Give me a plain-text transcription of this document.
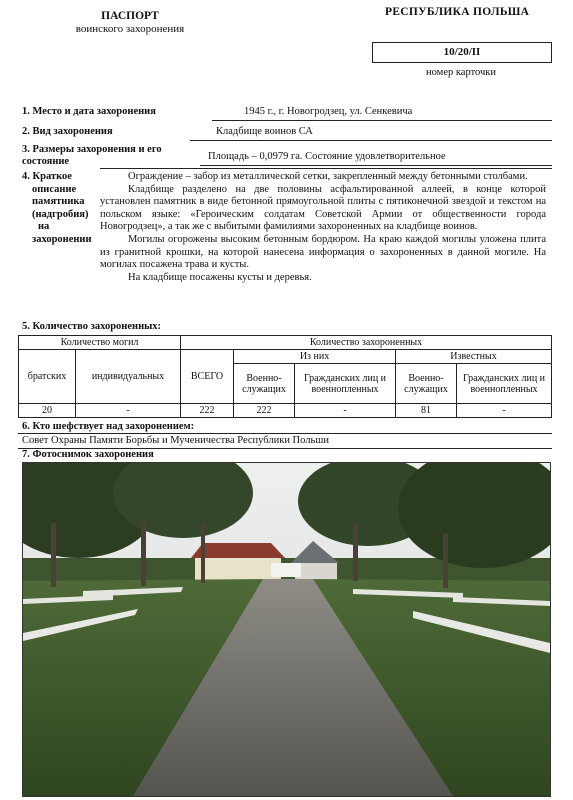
ПАСПОРТ
воинского захоронения
РЕСПУБЛИКА ПОЛЬША
10/20/II
номер карточки
1. Место и дата захоронения	1945 г., г. Новогродзец, ул. Сенкевича
2. Вид захоронения	Кладбище воинов СА
3. Размеры захоронения и его
состояние	Площадь – 0,0979 га. Состояние удовлетворительное
4. Краткое
описание
памятника
(надгробия)
на
захоронении

Ограждение – забор из металлической сетки, закрепленный между бетонными столбами.

Кладбище разделено на две половины асфальтированной аллеей, в конце которой установлен памятник в виде бетонной прямоугольной плиты с пятиконечной звездой и текстом на польском языке: «Героическим солдатам Советской Армии от общественности города Новогродзец», а так же с выбитыми фамилиями захороненных на кладбище воинов.

Могилы огорожены высоким бетонным бордюром. На краю каждой могилы уложена плита из гранитной крошки, на которой нанесена информация о захороненных в данной могиле. На могилах посажена трава и кусты.

На кладбище посажены кусты и деревья.

5. Количество захороненных:
Количество могил		Количество захороненных				
братских	индивидуальных	ВСЕГО	Из них		Известных	
			Военно-служащих	Гражданских лиц и военнопленных	Военно-служащих	Гражданских лиц и военнопленных
20	-	222	222	-	81	-
6. Кто шефствует над захоронением:
Совет Охраны Памяти Борьбы и Мученичества Республики Польши
7. Фотоснимок захоронения
